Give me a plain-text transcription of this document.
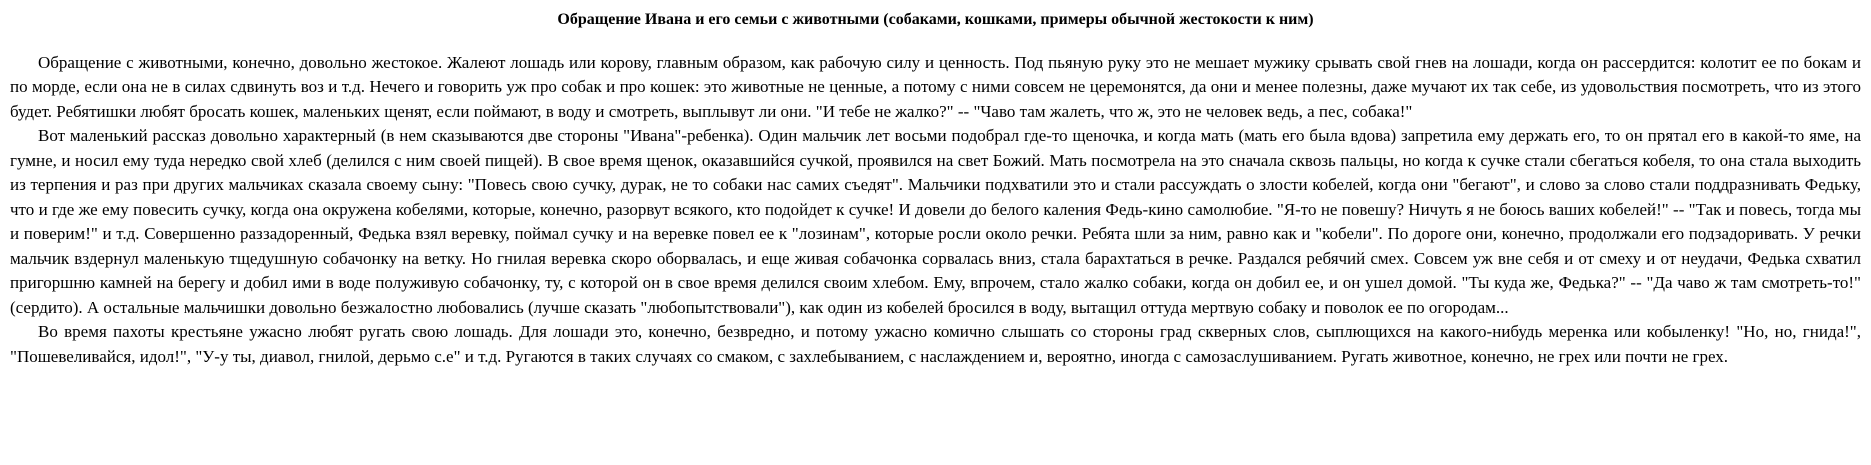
Обращение Ивана и его семьи с животными (собаками, кошками, примеры обычной жестокости к ним)

Обращение с животными, конечно, довольно жестокое. Жалеют лошадь или корову, главным образом, как рабочую силу и ценность. Под пьяную руку это не мешает мужику срывать свой гнев на лошади, когда он рассердится: колотит ее по бокам и по морде, если она не в силах сдвинуть воз и т.д. Нечего и говорить уж про собак и про кошек: это животные не ценные, а потому с ними совсем не церемонятся, да они и менее полезны, даже мучают их так себе, из удовольствия посмотреть, что из этого будет. Ребятишки любят бросать кошек, маленьких щенят, если поймают, в воду и смотреть, выплывут ли они. "И тебе не жалко?" -- "Чаво там жалеть, что ж, это не человек ведь, а пес, собака!"

Вот маленький рассказ довольно характерный (в нем сказываются две стороны "Ивана"-ребенка). Один мальчик лет восьми подобрал где-то щеночка, и когда мать (мать его была вдова) запретила ему держать его, то он прятал его в какой-то яме, на гумне, и носил ему туда нередко свой хлеб (делился с ним своей пищей). В свое время щенок, оказавшийся сучкой, проявился на свет Божий. Мать посмотрела на это сначала сквозь пальцы, но когда к сучке стали сбегаться кобеля, то она стала выходить из терпения и раз при других мальчиках сказала своему сыну: "Повесь свою сучку, дурак, не то собаки нас самих съедят". Мальчики подхватили это и стали рассуждать о злости кобелей, когда они "бегают", и слово за слово стали поддразнивать Федьку, что и где же ему повесить сучку, когда она окружена кобелями, которые, конечно, разорвут всякого, кто подойдет к сучке! И довели до белого каления Федь-кино самолюбие. "Я-то не повешу? Ничуть я не боюсь ваших кобелей!" -- "Так и повесь, тогда мы и поверим!" и т.д. Совершенно раззадоренный, Федька взял веревку, поймал сучку и на веревке повел ее к "лозинам", которые росли около речки. Ребята шли за ним, равно как и "кобели". По дороге они, конечно, продолжали его подзадоривать. У речки мальчик вздернул маленькую тщедушную собачонку на ветку. Но гнилая веревка скоро оборвалась, и еще живая собачонка сорвалась вниз, стала барахтаться в речке. Раздался ребячий смех. Совсем уж вне себя и от смеху и от неудачи, Федька схватил пригоршню камней на берегу и добил ими в воде полуживую собачонку, ту, с которой он в свое время делился своим хлебом. Ему, впрочем, стало жалко собаки, когда он добил ее, и он ушел домой. "Ты куда же, Федька?" -- "Да чаво ж там смотреть-то!" (сердито). А остальные мальчишки довольно безжалостно любовались (лучше сказать "любопытствовали"), как один из кобелей бросился в воду, вытащил оттуда мертвую собаку и поволок ее по огородам...

Во время пахоты крестьяне ужасно любят ругать свою лошадь. Для лошади это, конечно, безвредно, и потому ужасно комично слышать со стороны град скверных слов, сыплющихся на какого-нибудь меренка или кобыленку! "Но, но, гнида!", "Пошевеливайся, идол!", "У-у ты, диавол, гнилой, дерьмо с.е" и т.д. Ругаются в таких случаях со смаком, с захлебыванием, с наслаждением и, вероятно, иногда с самозаслушиванием. Ругать животное, конечно, не грех или почти не грех.
